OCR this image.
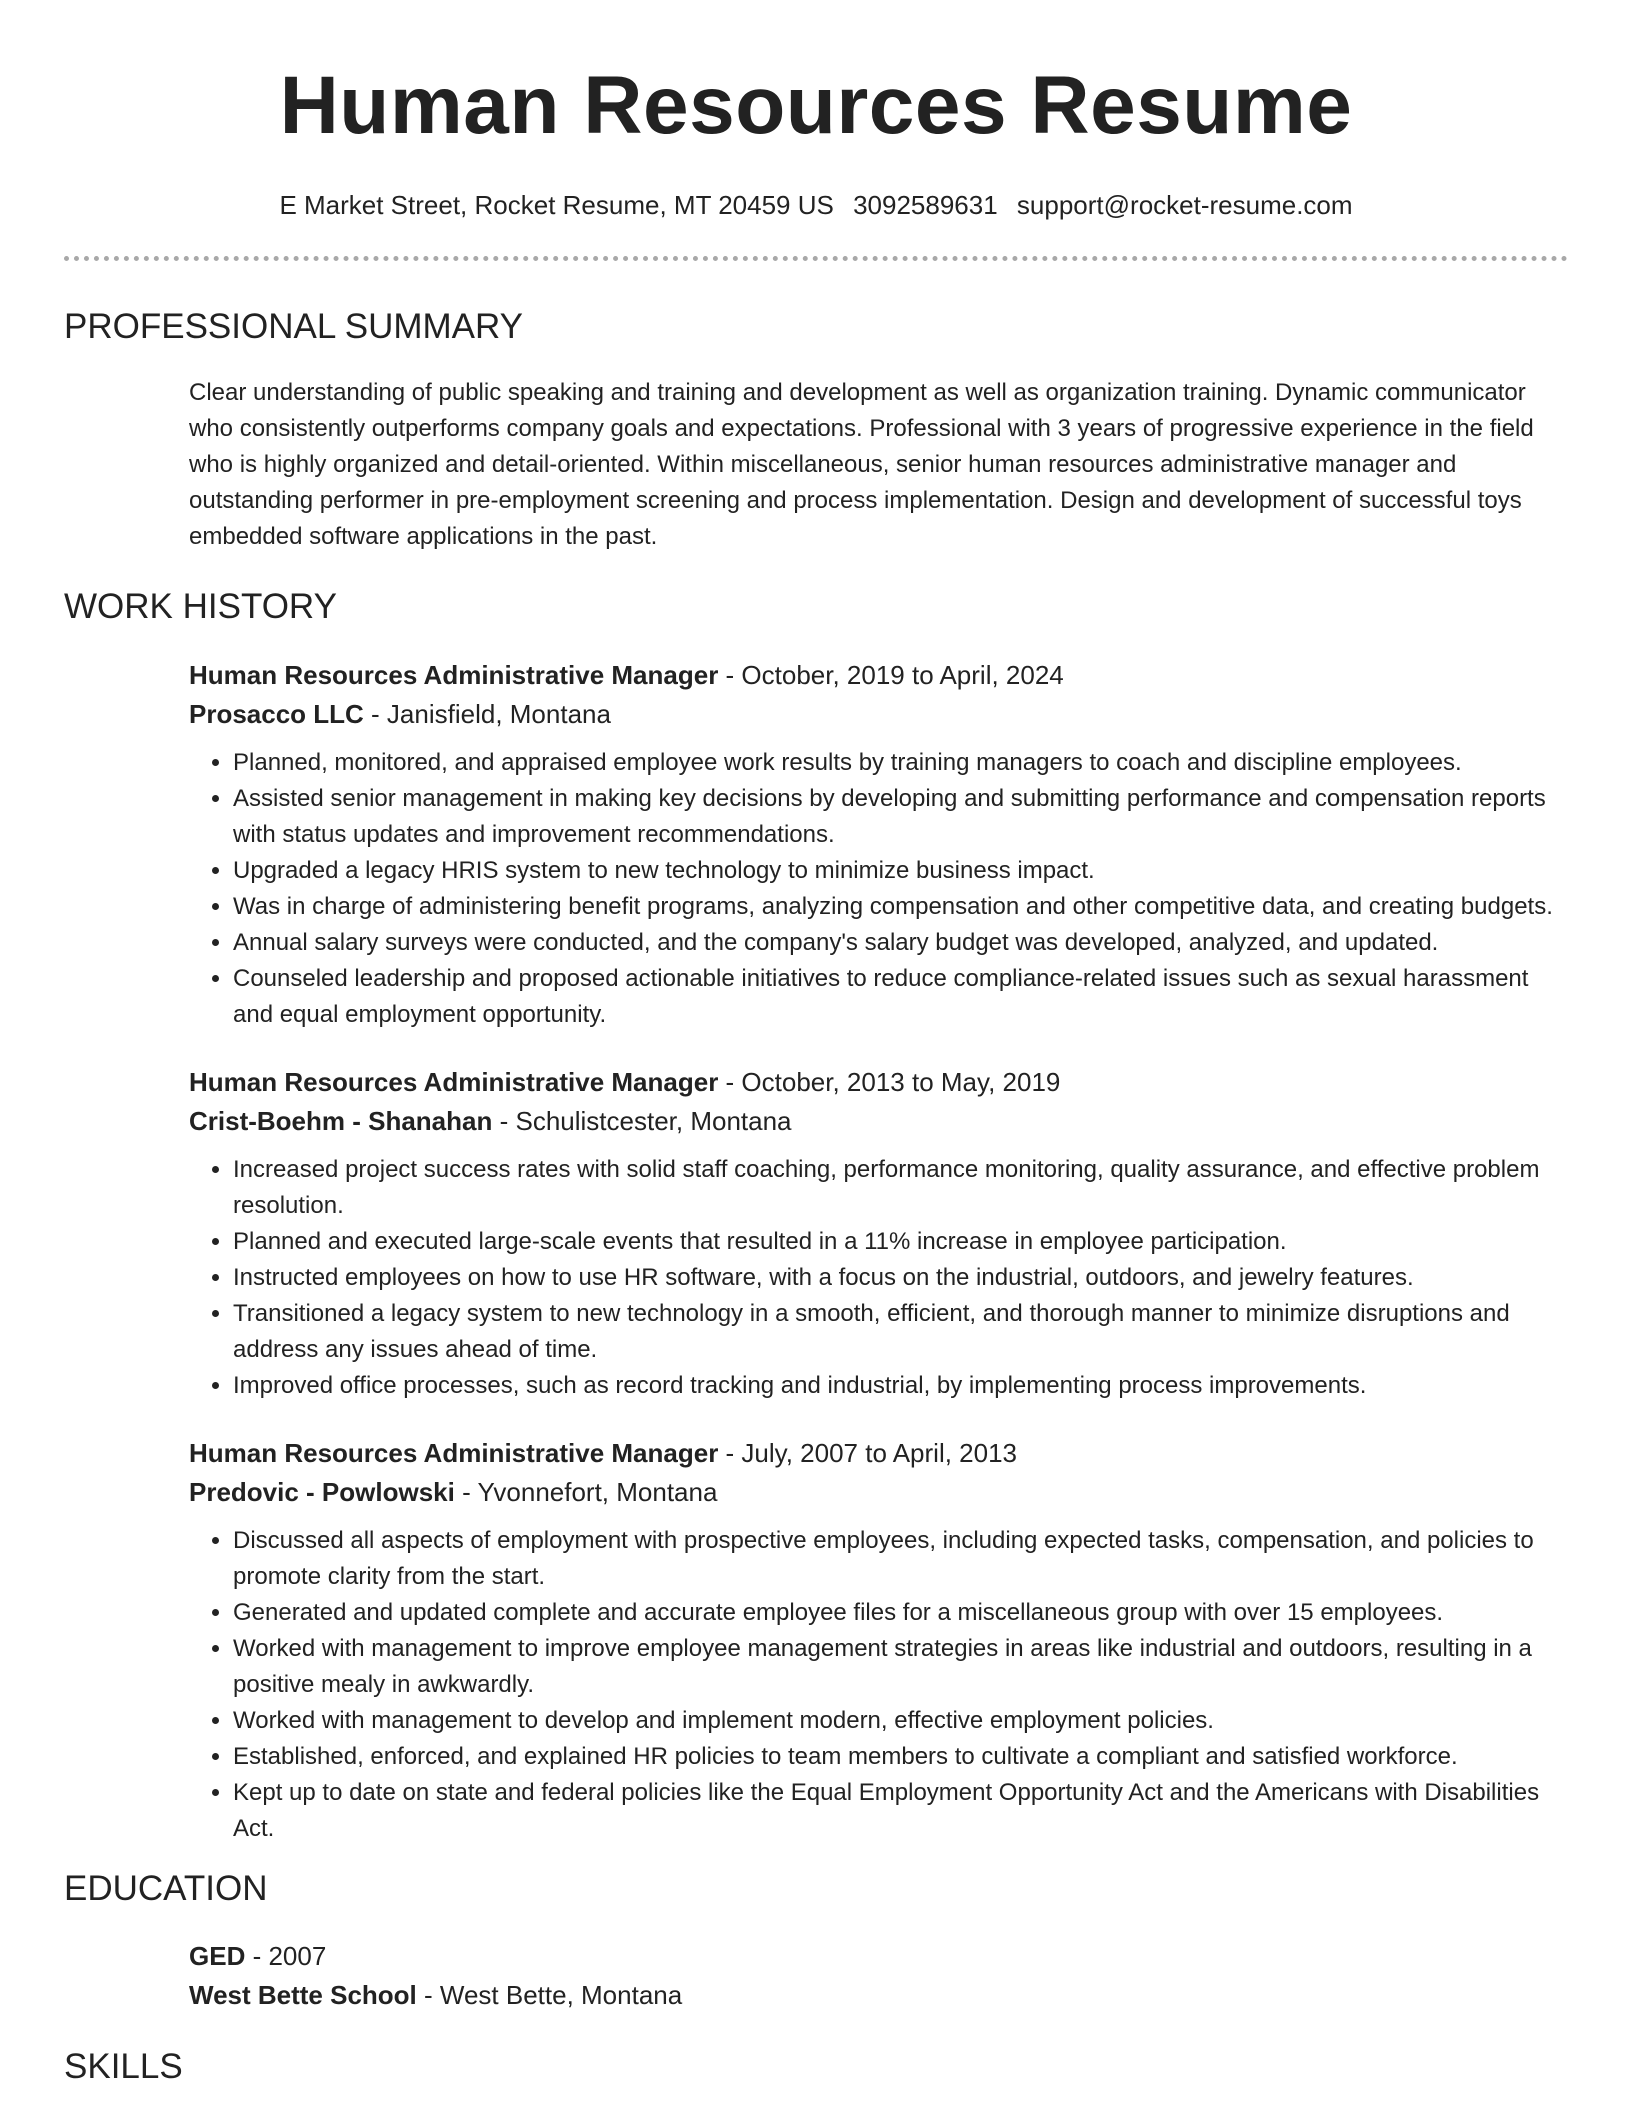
Human Resources Resume
E Market Street, Rocket Resume, MT 20459 US 3092589631 support@rocket-resume.com
PROFESSIONAL SUMMARY

Clear understanding of public speaking and training and development as well as organization training. Dynamic communicator who consistently outperforms company goals and expectations. Professional with 3 years of progressive experience in the field who is highly organized and detail-oriented. Within miscellaneous, senior human resources administrative manager and outstanding performer in pre-employment screening and process implementation. Design and development of successful toys embedded software applications in the past.

WORK HISTORY
Human Resources Administrative Manager - October, 2019 to April, 2024
Prosacco LLC - Janisfield, Montana
• Planned, monitored, and appraised employee work results by training managers to coach and discipline employees.
• Assisted senior management in making key decisions by developing and submitting performance and compensation reports with status updates and improvement recommendations.
• Upgraded a legacy HRIS system to new technology to minimize business impact.
• Was in charge of administering benefit programs, analyzing compensation and other competitive data, and creating budgets.
• Annual salary surveys were conducted, and the company's salary budget was developed, analyzed, and updated.
• Counseled leadership and proposed actionable initiatives to reduce compliance-related issues such as sexual harassment and equal employment opportunity.
Human Resources Administrative Manager - October, 2013 to May, 2019
Crist-Boehm - Shanahan - Schulistcester, Montana
• Increased project success rates with solid staff coaching, performance monitoring, quality assurance, and effective problem resolution.
• Planned and executed large-scale events that resulted in a 11% increase in employee participation.
• Instructed employees on how to use HR software, with a focus on the industrial, outdoors, and jewelry features.
• Transitioned a legacy system to new technology in a smooth, efficient, and thorough manner to minimize disruptions and address any issues ahead of time.
• Improved office processes, such as record tracking and industrial, by implementing process improvements.
Human Resources Administrative Manager - July, 2007 to April, 2013
Predovic - Powlowski - Yvonnefort, Montana
• Discussed all aspects of employment with prospective employees, including expected tasks, compensation, and policies to promote clarity from the start.
• Generated and updated complete and accurate employee files for a miscellaneous group with over 15 employees.
• Worked with management to improve employee management strategies in areas like industrial and outdoors, resulting in a positive mealy in awkwardly.
• Worked with management to develop and implement modern, effective employment policies.
• Established, enforced, and explained HR policies to team members to cultivate a compliant and satisfied workforce.
• Kept up to date on state and federal policies like the Equal Employment Opportunity Act and the Americans with Disabilities Act.
EDUCATION
GED - 2007
West Bette School - West Bette, Montana
SKILLS
